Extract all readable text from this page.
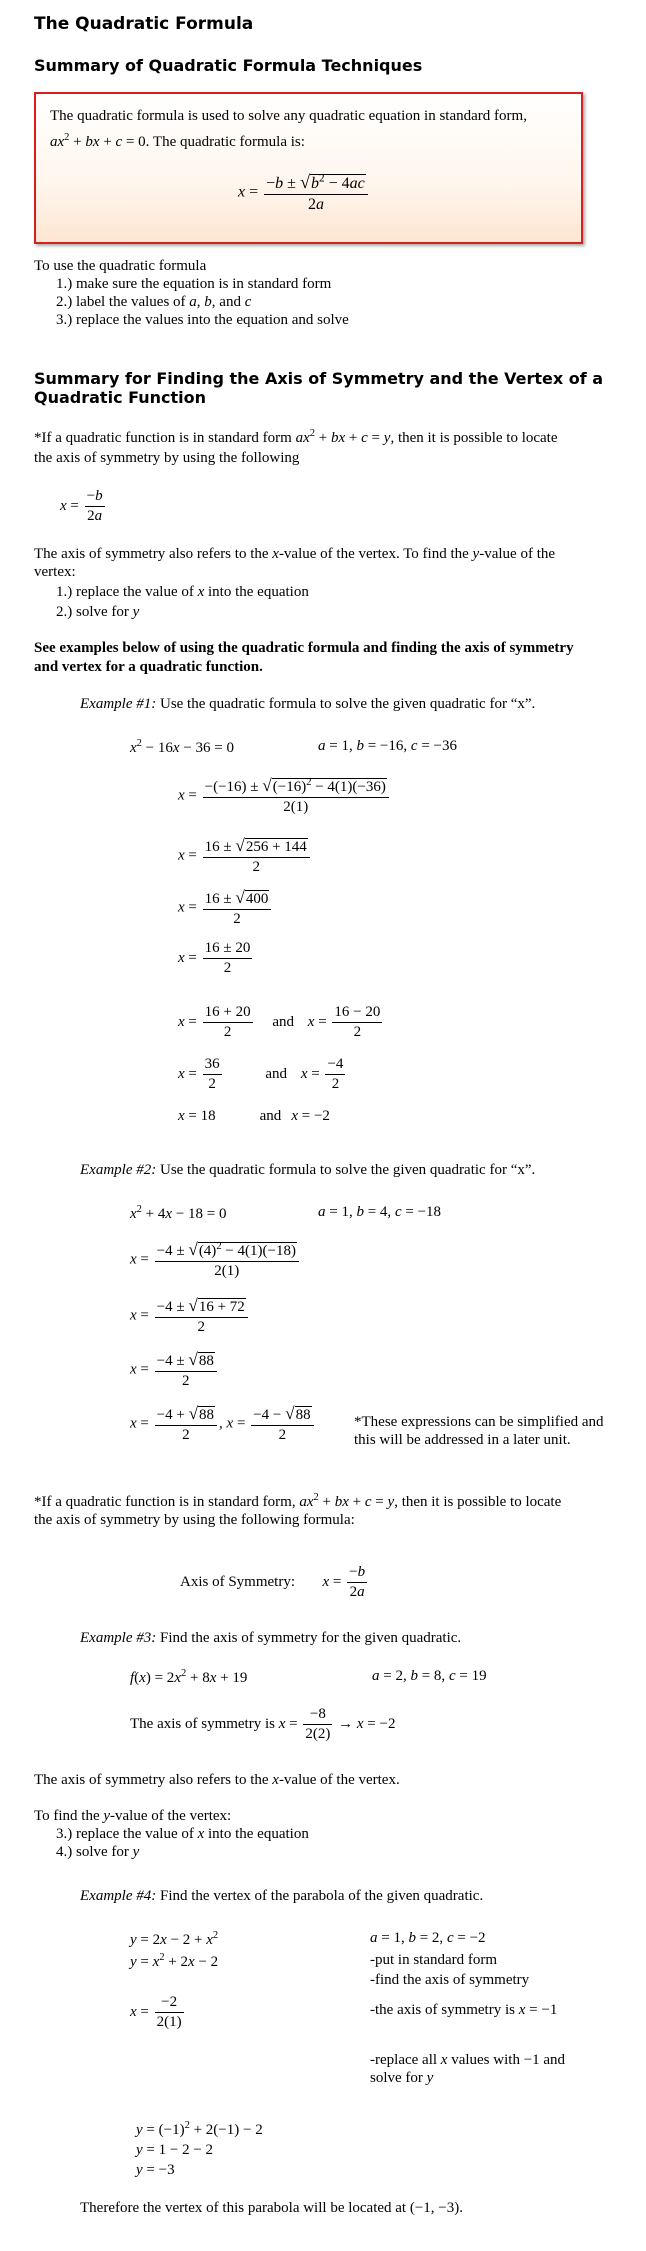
The Quadratic Formula
Summary of Quadratic Formula Techniques
The quadratic formula is used to solve any quadratic equation in standard form,
$ax^2$ + bx + c = 0. The quadratic formula is:
$x = \frac{-b \pm √b^2 - 4ac}{2a}$
To use the quadratic formula
1.) make sure the equation is in standard form
2.) label the values of a, b, and c
3.) replace the values into the equation and solve
Summary for Finding the Axis of Symmetry and the Vertex of a
Quadratic Function
*If a quadratic function is in standard form $ax^2$ + bx + c = y, then it is possible to locate
the axis of symmetry by using the following
$x = \frac{-b}{2a}$
The axis of symmetry also refers to the x-value of the vertex. To find the y-value of the
vertex:
1.) replace the value of x into the equation
2.) solve for y
See examples below of using the quadratic formula and finding the axis of symmetry
and vertex for a quadratic function.
Example #1: Use the quadratic formula to solve the given quadratic for “x”.
$x^2 - 16x - 36 = 0$	a = 1, b = −16, c = −36
$x = \frac{-(-16) \pm √(-16)^2 - 4(1)(-36)}{2(1)}$
$x = \frac{16 \pm √256 + 144}{2}$
$x = \frac{16 \pm √400}{2}$
$x = \frac{16 \pm 20}{2}$
$x = \frac{16 + 20}{2}$ and $x = \frac{16 - 20}{2}$
$x = \frac{36}{2}$	and $x = \frac{-4}{2}$
x = 18	and x = −2
Example #2: Use the quadratic formula to solve the given quadratic for “x”.
$x^2 + 4x - 18 = 0$	a = 1, b = 4, c = −18
$x = \frac{-4 \pm √(4)^2 - 4(1)(-18)}{2(1)}$
$x = \frac{-4 \pm √16 + 72}{2}$
$x = \frac{-4 \pm √88}{2}$
$x = \frac{-4 + √88}{2}$ , $x = \frac{-4 - √88}{2}$	*These expressions can be simplified and
this will be addressed in a later unit.
*If a quadratic function is in standard form, $ax^2$ + bx + c = y, then it is possible to locate
the axis of symmetry by using the following formula:
Axis of Symmetry: $x = \frac{-b}{2a}$
Example #3: Find the axis of symmetry for the given quadratic.
$f(x) = 2x^2 + 8x + 19$	a = 2, b = 8, c = 19
The axis of symmetry is $x = \frac{-8}{2(2)} \to x = -2$
The axis of symmetry also refers to the x-value of the vertex.
To find the y-value of the vertex:
3.) replace the value of x into the equation
4.) solve for y
Example #4: Find the vertex of the parabola of the given quadratic.
$y = 2x - 2 + x^2$
$y = x^2 + 2x - 2$
a = 1, b = 2, c = −2
-put in standard form
-find the axis of symmetry
$x = \frac{-2}{2(1)}$	-the axis of symmetry is x = −1
-replace all x values with −1 and
solve for y
$y = (-1)^2 + 2(-1) - 2$
y = 1 − 2 − 2
y = −3
Therefore the vertex of this parabola will be located at (−1, −3).
